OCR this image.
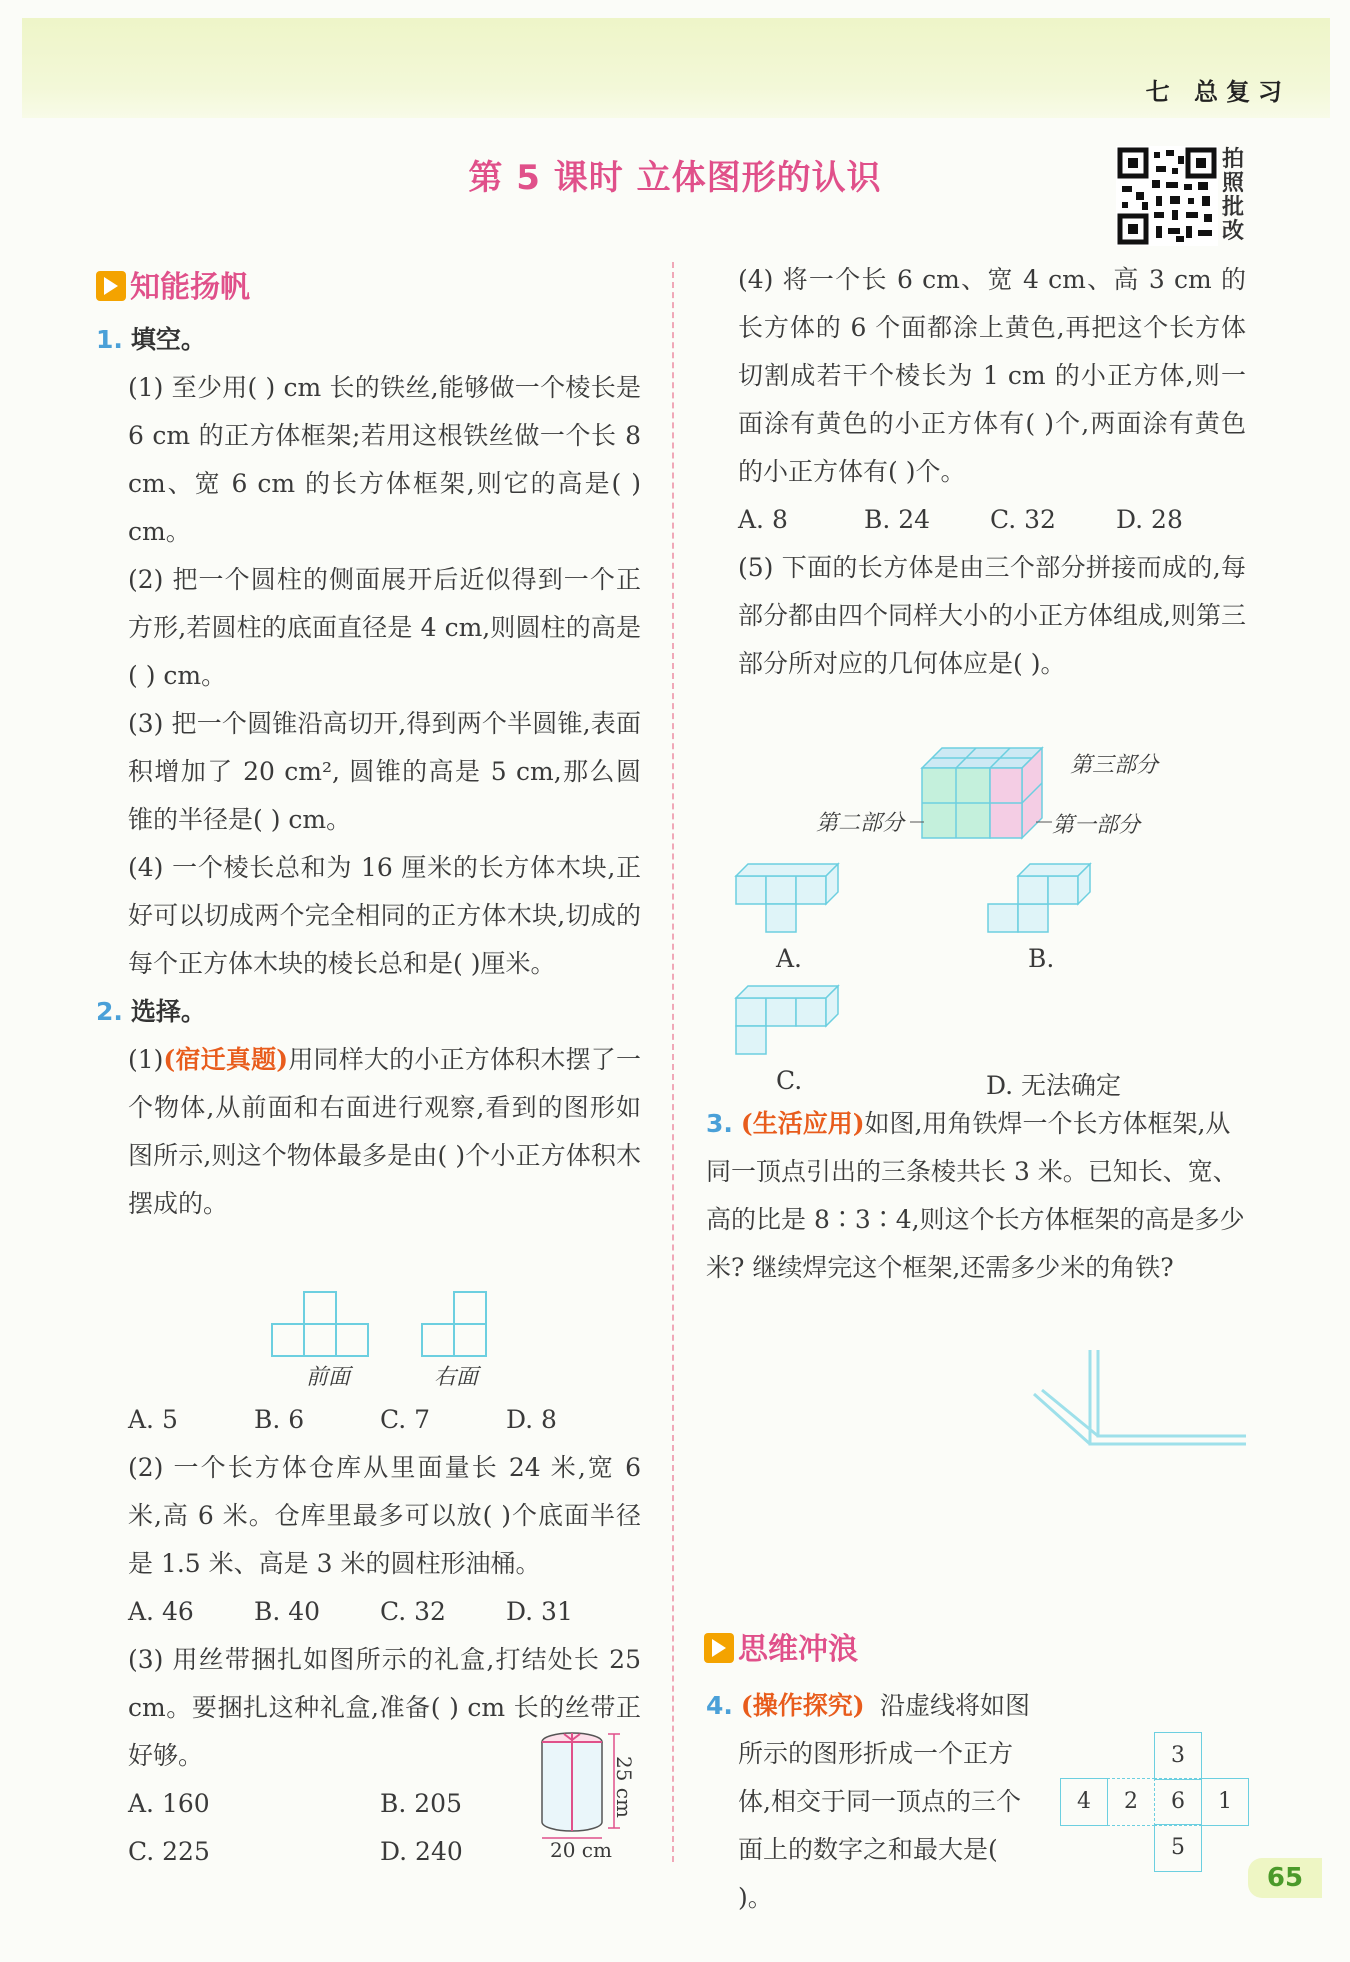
七 总复习
第 5 课时 立体图形的认识	拍照批改
知能扬帆

1. 填空。

(1) 至少用( ) cm 长的铁丝,能够做一个棱长是 6 cm 的正方体框架;若用这根铁丝做一个长 8 cm、宽 6 cm 的长方体框架,则它的高是( ) cm。

(2) 把一个圆柱的侧面展开后近似得到一个正方形,若圆柱的底面直径是 4 cm,则圆柱的高是( ) cm。

(3) 把一个圆锥沿高切开,得到两个半圆锥,表面积增加了 20 cm², 圆锥的高是 5 cm,那么圆锥的半径是( ) cm。

(4) 一个棱长总和为 16 厘米的长方体木块,正好可以切成两个完全相同的正方体木块,切成的每个正方体木块的棱长总和是( )厘米。

2. 选择。

(1)(宿迁真题)用同样大的小正方体积木摆了一个物体,从前面和右面进行观察,看到的图形如图所示,则这个物体最多是由( )个小正方体积木摆成的。

前面	右面
A. 5	B. 6	C. 7	D. 8

(2) 一个长方体仓库从里面量长 24 米,宽 6 米,高 6 米。仓库里最多可以放( )个底面半径是 1.5 米、高是 3 米的圆柱形油桶。

A. 46	B. 40	C. 32	D. 31

(3) 用丝带捆扎如图所示的礼盒,打结处长 25 cm。要捆扎这种礼盒,准备( ) cm 长的丝带正好够。

A. 160	B. 205
C. 225	D. 240
25 cm
20 cm

(4) 将一个长 6 cm、宽 4 cm、高 3 cm 的长方体的 6 个面都涂上黄色,再把这个长方体切割成若干个棱长为 1 cm 的小正方体,则一面涂有黄色的小正方体有( )个,两面涂有黄色的小正方体有( )个。

A. 8	B. 24	C. 32	D. 28

(5) 下面的长方体是由三个部分拼接而成的,每部分都由四个同样大小的小正方体组成,则第三部分所对应的几何体应是( )。

第三部分
第二部分	第一部分
A.	B.
C.	D. 无法确定

3. (生活应用)如图,用角铁焊一个长方体框架,从同一顶点引出的三条棱共长 3 米。已知长、宽、高的比是 8∶3∶4,则这个长方体框架的高是多少米? 继续焊完这个框架,还需多少米的角铁?

思维冲浪

4. (操作探究) 沿虚线将如图所示的图形折成一个正方体,相交于同一顶点的三个面上的数字之和最大是( )。

3
4	2	6	1
5
65
